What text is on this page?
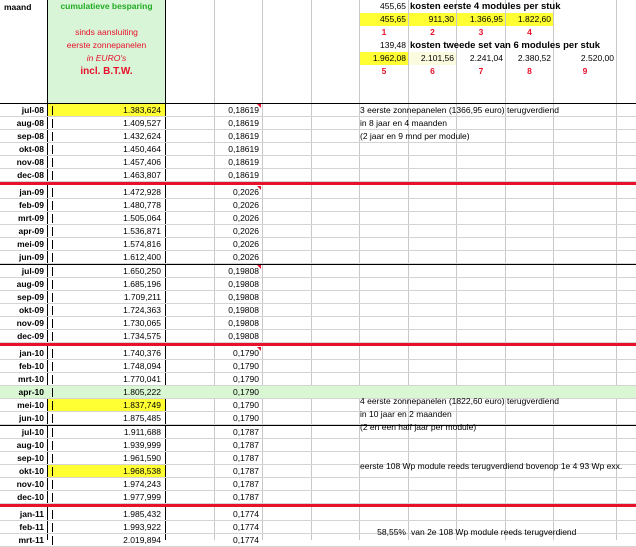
maand	cumulatieve besparing
sinds aansluiting
eerste zonnepanelen
in EURO's
incl. B.T.W.
455,65 kosten eerste 4 modules per stuk
455,65	911,30	1.366,95	1.822,60
1	2	3	4
139,48 kosten tweede set van 6 modules per stuk
1.962,08	2.101,56	2.241,04	2.380,52	2.520,00
5	6	7	8	9
jul-08	1.383,624	0,18619
aug-08	1.409,527	0,18619
sep-08	1.432,624	0,18619
okt-08	1.450,464	0,18619
nov-08	1.457,406	0,18619
dec-08	1.463,807	0,18619
jan-09	1.472,928	0,2026
feb-09	1.480,778	0,2026
mrt-09	1.505,064	0,2026
apr-09	1.536,871	0,2026
mei-09	1.574,816	0,2026
jun-09	1.612,400	0,2026
jul-09	1.650,250	0,19808
aug-09	1.685,196	0,19808
sep-09	1.709,211	0,19808
okt-09	1.724,363	0,19808
nov-09	1.730,065	0,19808
dec-09	1.734,575	0,19808
jan-10	1.740,376	0,1790
feb-10	1.748,094	0,1790
mrt-10	1.770,041	0,1790
apr-10	1.805,222	0,1790
mei-10	1.837,749	0,1790
jun-10	1.875,485	0,1790
jul-10	1.911,688	0,1787
aug-10	1.939,999	0,1787
sep-10	1.961,590	0,1787
okt-10	1.968,538	0,1787
nov-10	1.974,243	0,1787
dec-10	1.977,999	0,1787
jan-11	1.985,432	0,1774
feb-11	1.993,922	0,1774
mrt-11	2.019,894	0,1774
3 eerste zonnepanelen (1366,95 euro) terugverdiend
in 8 jaar en 4 maanden
(2 jaar en 9 mnd per module)
4 eerste zonnepanelen (1822,60 euro) terugverdiend
in 10 jaar en 2 maanden
(2 en een half jaar per module)
eerste 108 Wp module reeds terugverdiend bovenop 1e 4 93 Wp exx.
58,55% van 2e 108 Wp module reeds terugverdiend
